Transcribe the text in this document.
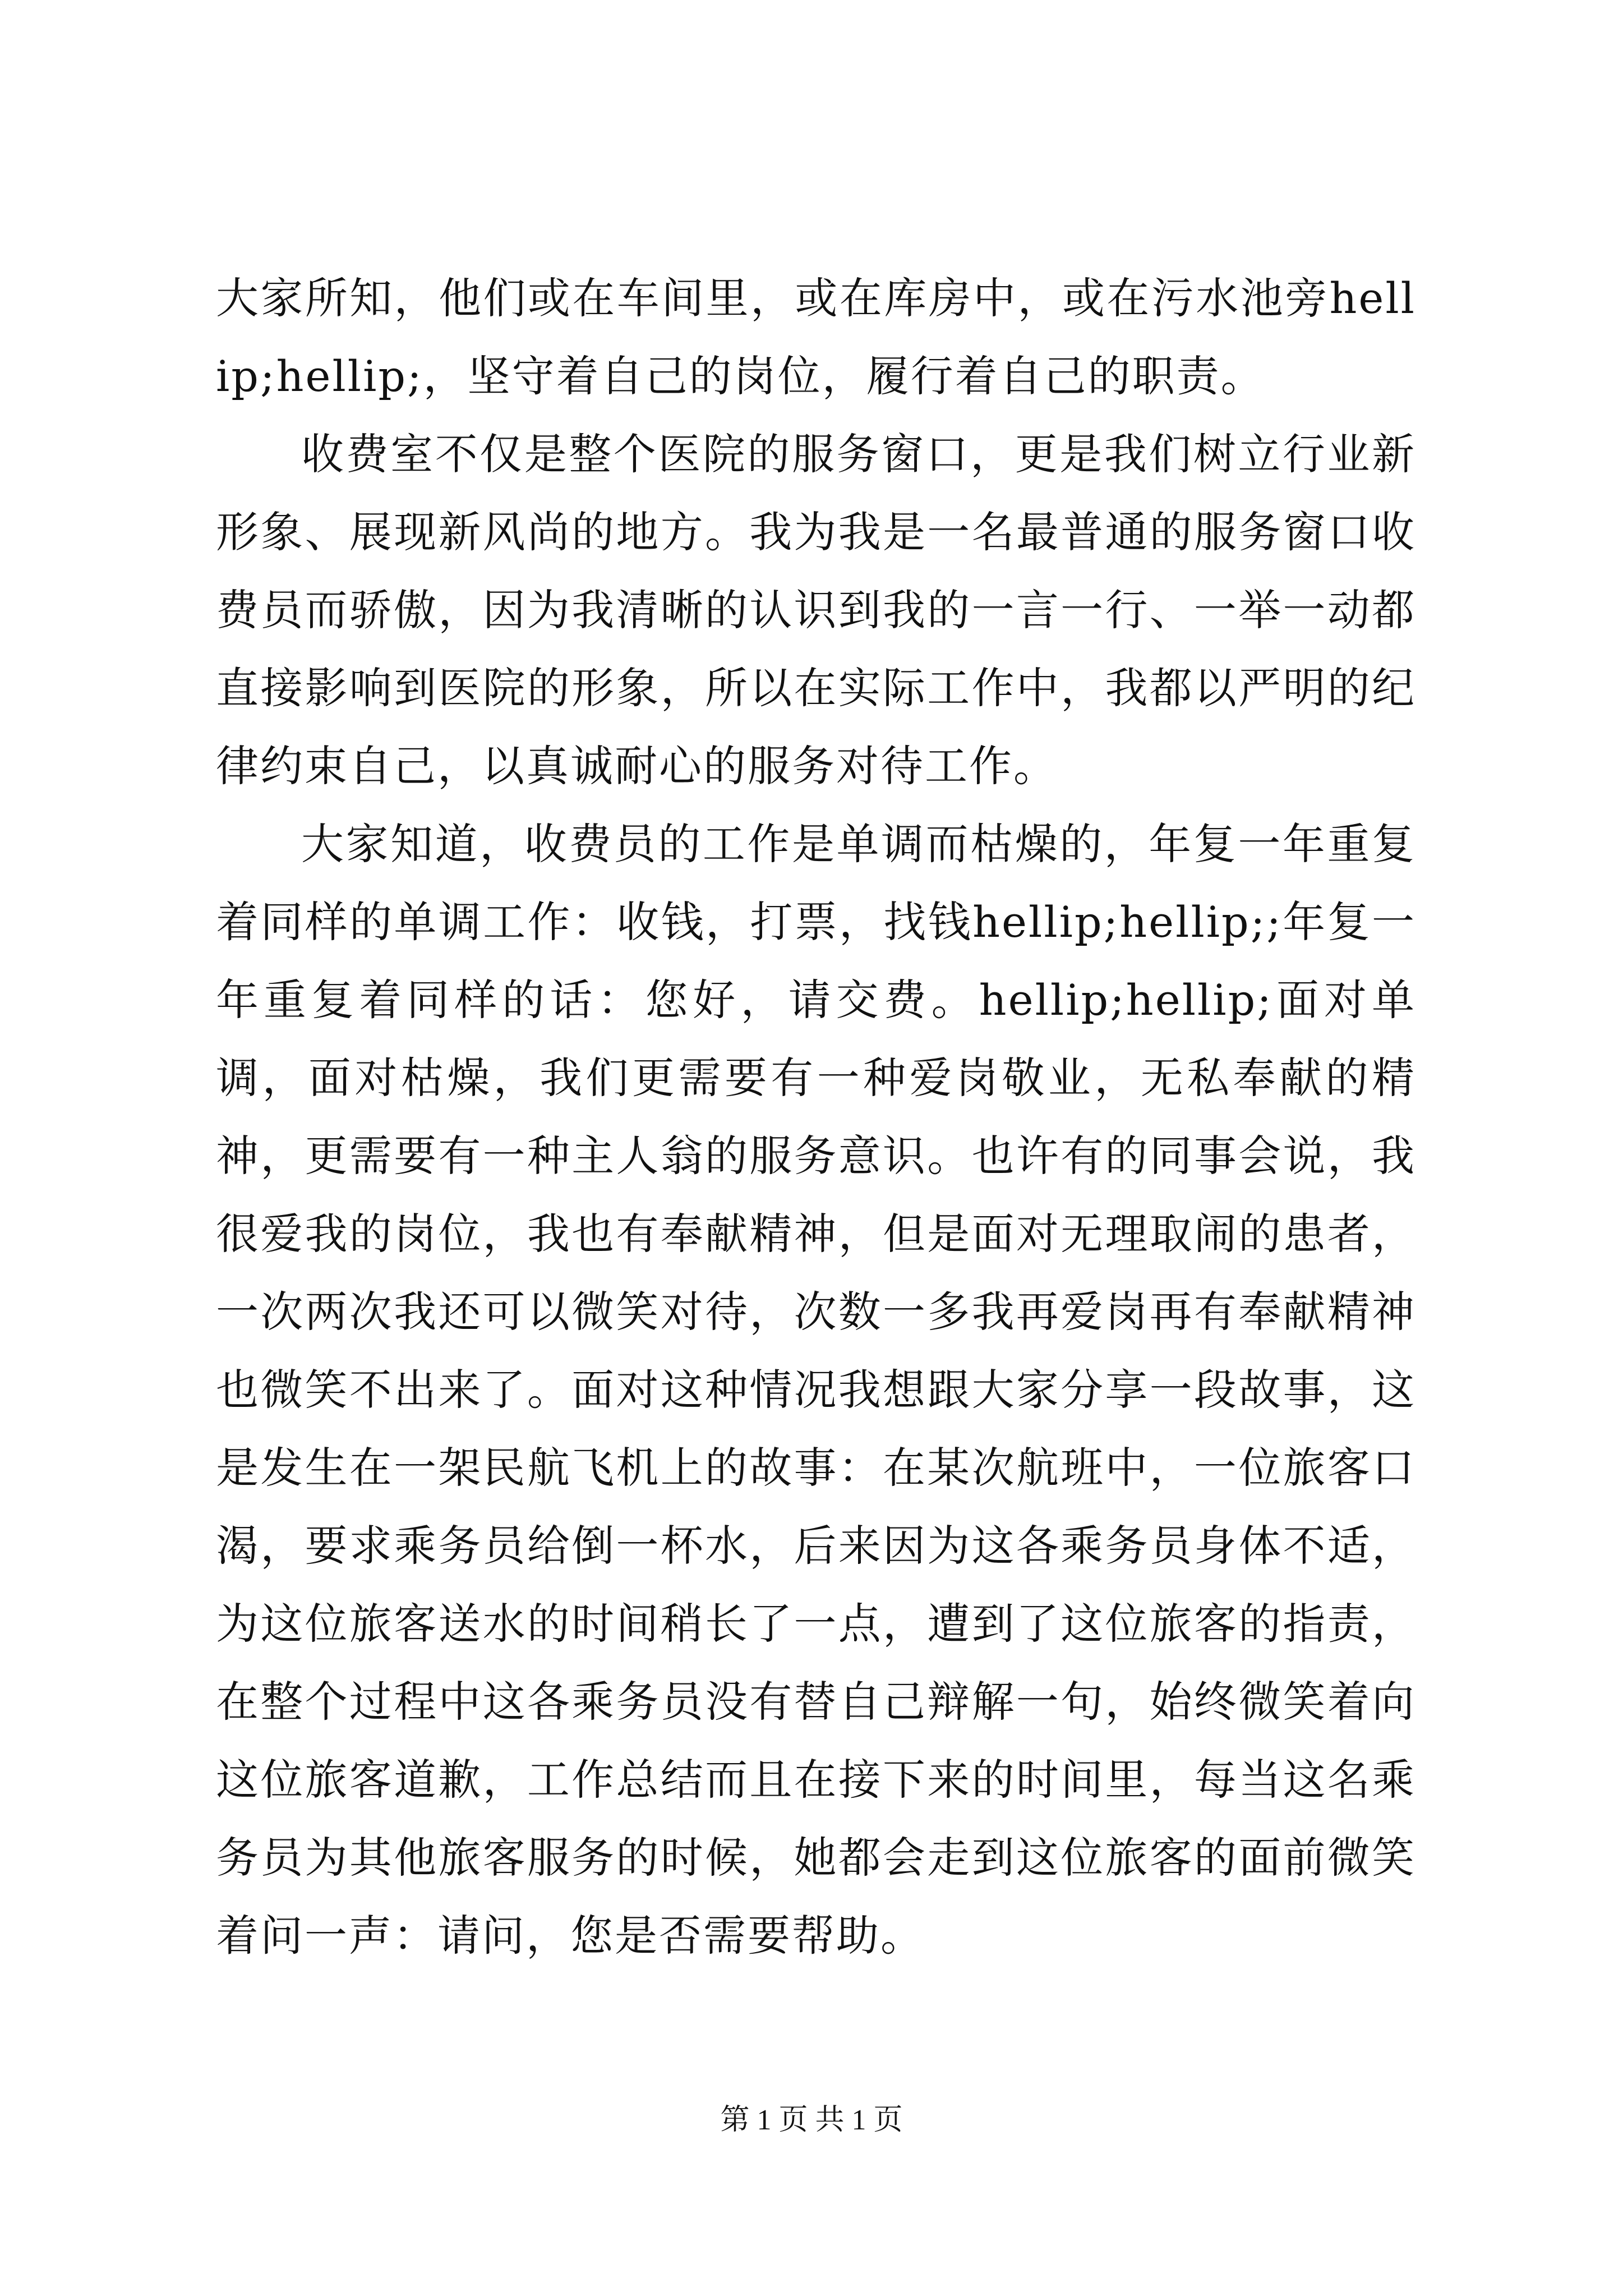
大家所知，他们或在车间里，或在库房中，或在污水池旁hellip;hellip;，坚守着自己的岗位，履行着自己的职责。

收费室不仅是整个医院的服务窗口，更是我们树立行业新形象、展现新风尚的地方。我为我是一名最普通的服务窗口收费员而骄傲，因为我清晰的认识到我的一言一行、一举一动都直接影响到医院的形象，所以在实际工作中，我都以严明的纪律约束自己，以真诚耐心的服务对待工作。

大家知道，收费员的工作是单调而枯燥的，年复一年重复着同样的单调工作：收钱，打票，找钱hellip;hellip;;年复一年重复着同样的话：您好，请交费。hellip;hellip;面对单调，面对枯燥，我们更需要有一种爱岗敬业，无私奉献的精神，更需要有一种主人翁的服务意识。也许有的同事会说，我很爱我的岗位，我也有奉献精神，但是面对无理取闹的患者，一次两次我还可以微笑对待，次数一多我再爱岗再有奉献精神也微笑不出来了。面对这种情况我想跟大家分享一段故事，这是发生在一架民航飞机上的故事：在某次航班中，一位旅客口渴，要求乘务员给倒一杯水，后来因为这各乘务员身体不适，为这位旅客送水的时间稍长了一点，遭到了这位旅客的指责，在整个过程中这各乘务员没有替自己辩解一句，始终微笑着向这位旅客道歉，工作总结而且在接下来的时间里，每当这名乘务员为其他旅客服务的时候，她都会走到这位旅客的面前微笑着问一声：请问，您是否需要帮助。

第 1 页 共 1 页
